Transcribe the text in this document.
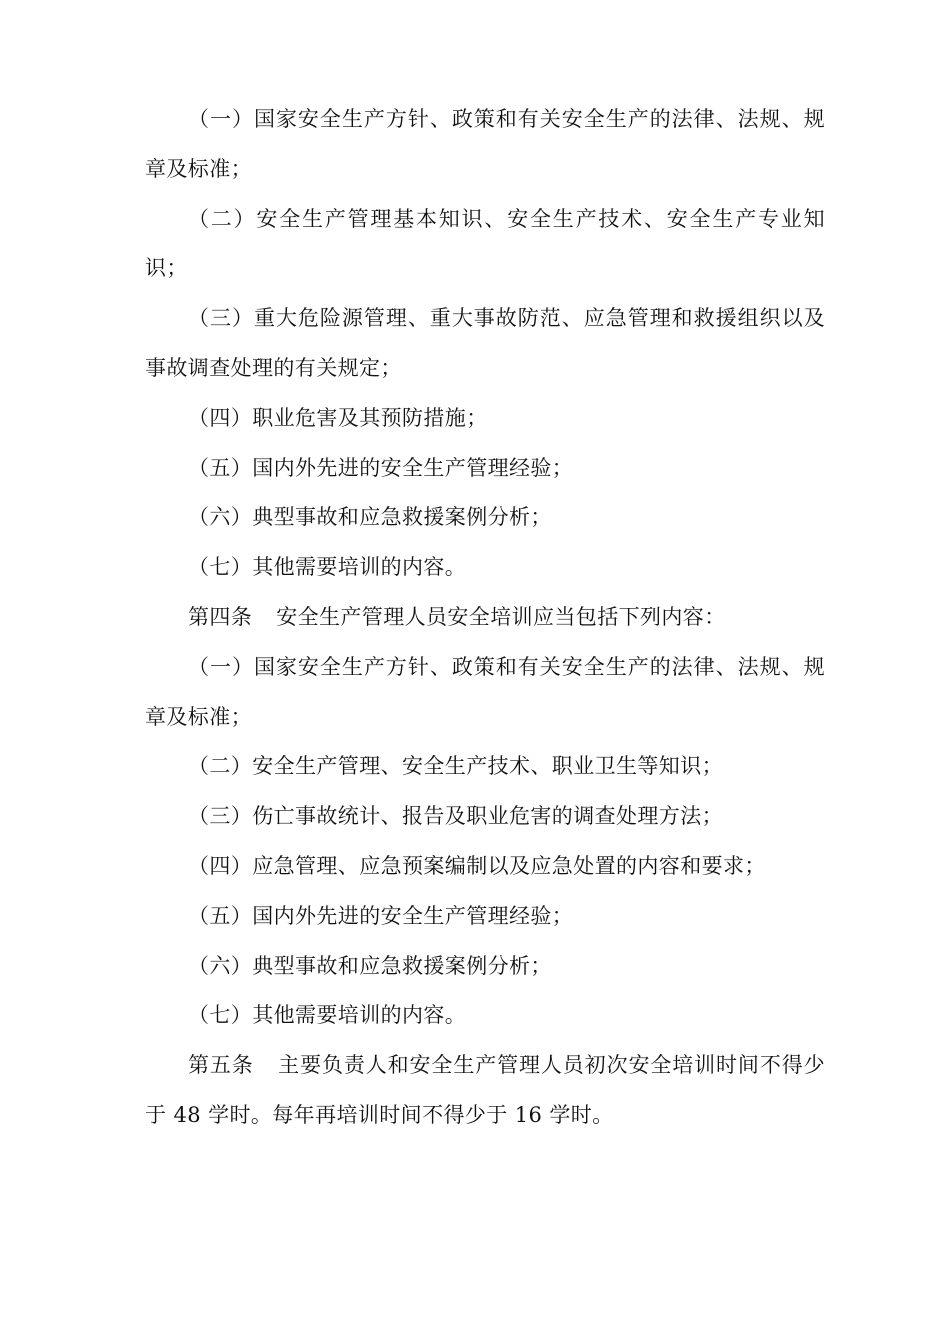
（一）国家安全生产方针、政策和有关安全生产的法律、法规、规章及标准；

（二）安全生产管理基本知识、安全生产技术、安全生产专业知识；

（三）重大危险源管理、重大事故防范、应急管理和救援组织以及事故调查处理的有关规定；

（四）职业危害及其预防措施；

（五）国内外先进的安全生产管理经验；

（六）典型事故和应急救援案例分析；

（七）其他需要培训的内容。

第四条 安全生产管理人员安全培训应当包括下列内容：

（一）国家安全生产方针、政策和有关安全生产的法律、法规、规章及标准；

（二）安全生产管理、安全生产技术、职业卫生等知识；

（三）伤亡事故统计、报告及职业危害的调查处理方法；

（四）应急管理、应急预案编制以及应急处置的内容和要求；

（五）国内外先进的安全生产管理经验；

（六）典型事故和应急救援案例分析；

（七）其他需要培训的内容。

第五条 主要负责人和安全生产管理人员初次安全培训时间不得少于 48 学时。每年再培训时间不得少于 16 学时。
